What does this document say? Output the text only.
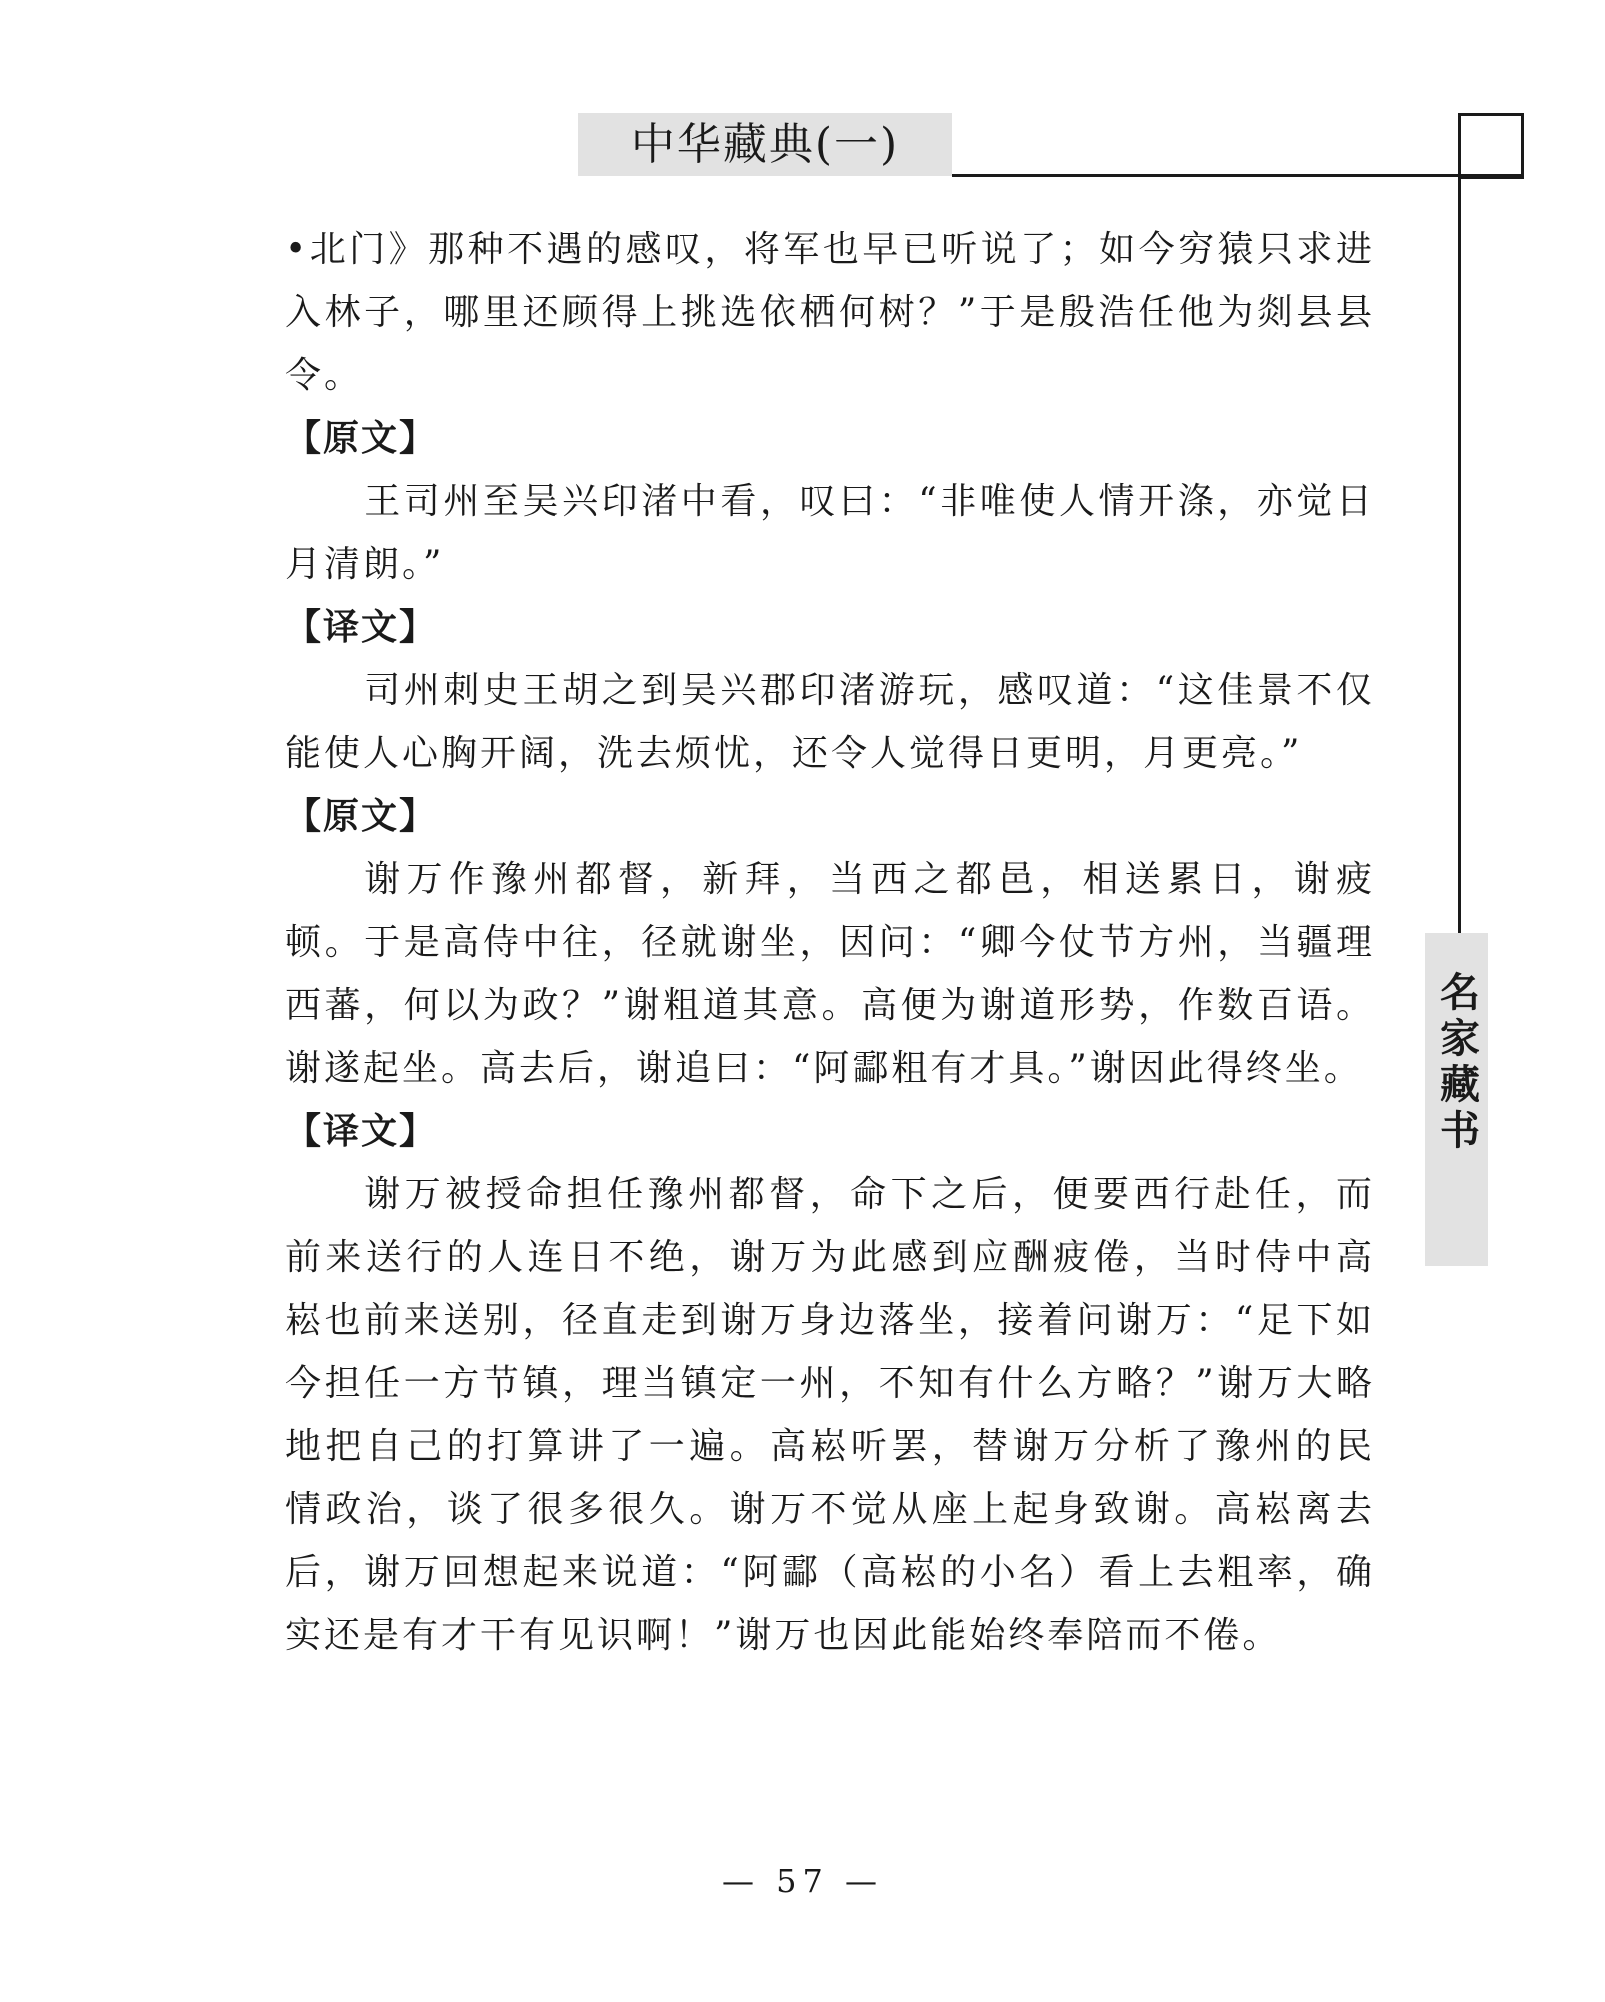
中华藏典(一)
名家藏书

•北门》那种不遇的感叹，将军也早已听说了；如今穷猿只求进入林子，哪里还顾得上挑选依栖何树？”于是殷浩任他为剡县县令。

【原文】

王司州至吴兴印渚中看，叹曰：“非唯使人情开涤，亦觉日月清朗。”

【译文】

司州刺史王胡之到吴兴郡印渚游玩，感叹道：“这佳景不仅能使人心胸开阔，洗去烦忧，还令人觉得日更明，月更亮。”

【原文】

谢万作豫州都督，新拜，当西之都邑，相送累日，谢疲顿。于是高侍中往，径就谢坐，因问：“卿今仗节方州，当疆理西蕃，何以为政？”谢粗道其意。高便为谢道形势，作数百语。谢遂起坐。高去后，谢追曰：“阿酃粗有才具。”谢因此得终坐。

【译文】

谢万被授命担任豫州都督，命下之后，便要西行赴任，而前来送行的人连日不绝，谢万为此感到应酬疲倦，当时侍中高崧也前来送别，径直走到谢万身边落坐，接着问谢万：“足下如今担任一方节镇，理当镇定一州，不知有什么方略？”谢万大略地把自己的打算讲了一遍。高崧听罢，替谢万分析了豫州的民情政治，谈了很多很久。谢万不觉从座上起身致谢。高崧离去后，谢万回想起来说道：“阿酃（高崧的小名）看上去粗率，确实还是有才干有见识啊！”谢万也因此能始终奉陪而不倦。

— 57 —
